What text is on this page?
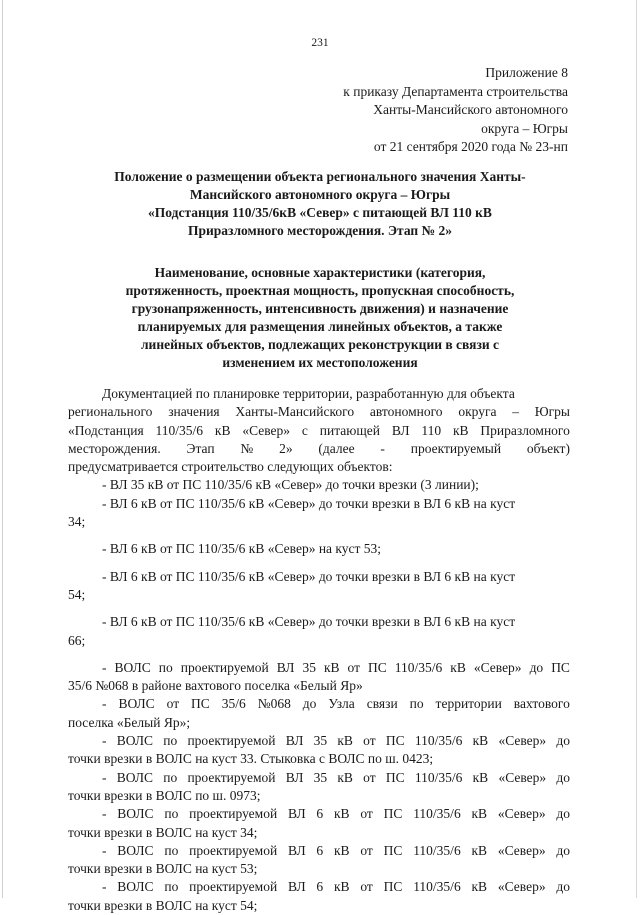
231
Приложение 8
к приказу Департамента строительства
Ханты-Мансийского автономного
округа – Югры
от 21 сентября 2020 года № 23-нп
Положение о размещении объекта регионального значения Ханты-
Мансийского автономного округа – Югры
«Подстанция 110/35/6кВ «Север» с питающей ВЛ 110 кВ
Приразломного месторождения. Этап № 2»
Наименование, основные характеристики (категория,
протяженность, проектная мощность, пропускная способность,
грузонапряженность, интенсивность движения) и назначение
планируемых для размещения линейных объектов, а также
линейных объектов, подлежащих реконструкции в связи с
изменением их местоположения
Документацией по планировке территории, разработанную для объекта
регионального значения Ханты-Мансийского автономного округа – Югры
«Подстанция 110/35/6 кВ «Север» с питающей ВЛ 110 кВ Приразломного
месторождения. Этап № 2» (далее - проектируемый объект)
предусматривается строительство следующих объектов:
- ВЛ 35 кВ от ПС 110/35/6 кВ «Север» до точки врезки (3 линии);
- ВЛ 6 кВ от ПС 110/35/6 кВ «Север» до точки врезки в ВЛ 6 кВ на куст
34;
- ВЛ 6 кВ от ПС 110/35/6 кВ «Север» на куст 53;
- ВЛ 6 кВ от ПС 110/35/6 кВ «Север» до точки врезки в ВЛ 6 кВ на куст
54;
- ВЛ 6 кВ от ПС 110/35/6 кВ «Север» до точки врезки в ВЛ 6 кВ на куст
66;
- ВОЛС по проектируемой ВЛ 35 кВ от ПС 110/35/6 кВ «Север» до ПС
35/6 №068 в районе вахтового поселка «Белый Яр»
- ВОЛС от ПС 35/6 №068 до Узла связи по территории вахтового
поселка «Белый Яр»;
- ВОЛС по проектируемой ВЛ 35 кВ от ПС 110/35/6 кВ «Север» до
точки врезки в ВОЛС на куст 33. Стыковка с ВОЛС по ш. 0423;
- ВОЛС по проектируемой ВЛ 35 кВ от ПС 110/35/6 кВ «Север» до
точки врезки в ВОЛС по ш. 0973;
- ВОЛС по проектируемой ВЛ 6 кВ от ПС 110/35/6 кВ «Север» до
точки врезки в ВОЛС на куст 34;
- ВОЛС по проектируемой ВЛ 6 кВ от ПС 110/35/6 кВ «Север» до
точки врезки в ВОЛС на куст 53;
- ВОЛС по проектируемой ВЛ 6 кВ от ПС 110/35/6 кВ «Север» до
точки врезки в ВОЛС на куст 54;
